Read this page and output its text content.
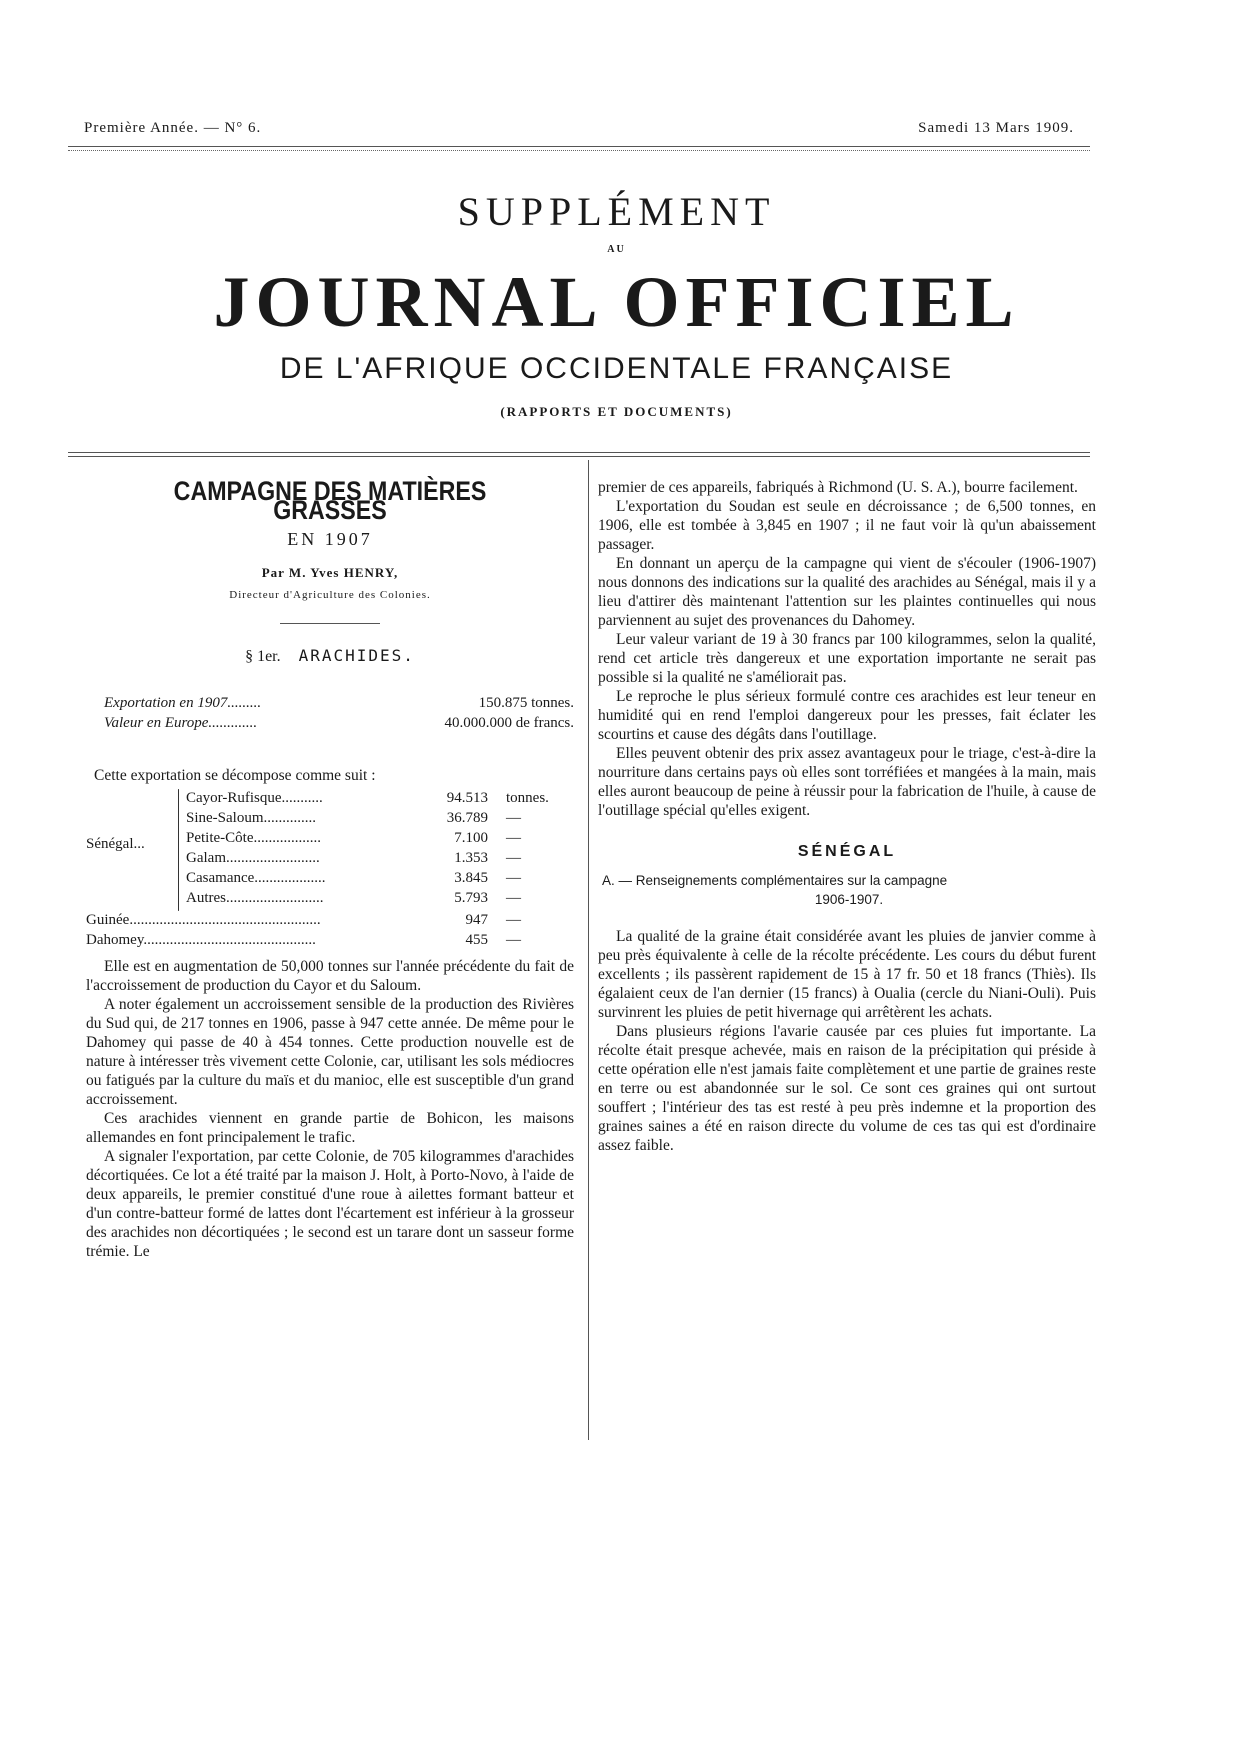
Première Année. — N° 6.	Samedi 13 Mars 1909.
SUPPLÉMENT
AU
JOURNAL OFFICIEL
DE L'AFRIQUE OCCIDENTALE FRANÇAISE
(RAPPORTS ET DOCUMENTS)
CAMPAGNE DES MATIÈRES GRASSES
EN 1907
Par M. Yves HENRY,
Directeur d'Agriculture des Colonies.
§ 1er. ARACHIDES.
Exportation en 1907.........	150.875 tonnes.
Valeur en Europe.............	40.000.000 de francs.
Cette exportation se décompose comme suit :
Sénégal...
Cayor-Rufisque...........	94.513 tonnes.
Sine-Saloum..............	36.789 —
Petite-Côte..................	7.100 —
Galam.........................	1.353 —
Casamance...................	3.845 —
Autres..........................	5.793 —
Guinée...................................................	947 —
Dahomey..............................................	455 —

Elle est en augmentation de 50,000 tonnes sur l'année précédente du fait de l'accroissement de production du Cayor et du Saloum.

A noter également un accroissement sensible de la production des Rivières du Sud qui, de 217 tonnes en 1906, passe à 947 cette année. De même pour le Dahomey qui passe de 40 à 454 tonnes. Cette production nouvelle est de nature à intéresser très vivement cette Colonie, car, utilisant les sols médiocres ou fatigués par la culture du maïs et du manioc, elle est susceptible d'un grand accroissement.

Ces arachides viennent en grande partie de Bohicon, les maisons allemandes en font principalement le trafic.

A signaler l'exportation, par cette Colonie, de 705 kilogrammes d'arachides décortiquées. Ce lot a été traité par la maison J. Holt, à Porto-Novo, à l'aide de deux appareils, le premier constitué d'une roue à ailettes formant batteur et d'un contre-batteur formé de lattes dont l'écartement est inférieur à la grosseur des arachides non décortiquées ; le second est un tarare dont un sasseur forme trémie. Le

premier de ces appareils, fabriqués à Richmond (U. S. A.), bourre facilement.

L'exportation du Soudan est seule en décroissance ; de 6,500 tonnes, en 1906, elle est tombée à 3,845 en 1907 ; il ne faut voir là qu'un abaissement passager.

En donnant un aperçu de la campagne qui vient de s'écouler (1906-1907) nous donnons des indications sur la qualité des arachides au Sénégal, mais il y a lieu d'attirer dès maintenant l'attention sur les plaintes continuelles qui nous parviennent au sujet des provenances du Dahomey.

Leur valeur variant de 19 à 30 francs par 100 kilogrammes, selon la qualité, rend cet article très dangereux et une exportation importante ne serait pas possible si la qualité ne s'améliorait pas.

Le reproche le plus sérieux formulé contre ces arachides est leur teneur en humidité qui en rend l'emploi dangereux pour les presses, fait éclater les scourtins et cause des dégâts dans l'outillage.

Elles peuvent obtenir des prix assez avantageux pour le triage, c'est-à-dire la nourriture dans certains pays où elles sont torréfiées et mangées à la main, mais elles auront beaucoup de peine à réussir pour la fabrication de l'huile, à cause de l'outillage spécial qu'elles exigent.

SÉNÉGAL
A. — Renseignements complémentaires sur la campagne
1906-1907.

La qualité de la graine était considérée avant les pluies de janvier comme à peu près équivalente à celle de la récolte précédente. Les cours du début furent excellents ; ils passèrent rapidement de 15 à 17 fr. 50 et 18 francs (Thiès). Ils égalaient ceux de l'an dernier (15 francs) à Oualia (cercle du Niani-Ouli). Puis survinrent les pluies de petit hivernage qui arrêtèrent les achats.

Dans plusieurs régions l'avarie causée par ces pluies fut importante. La récolte était presque achevée, mais en raison de la précipitation qui préside à cette opération elle n'est jamais faite complètement et une partie de graines reste en terre ou est abandonnée sur le sol. Ce sont ces graines qui ont surtout souffert ; l'intérieur des tas est resté à peu près indemne et la proportion des graines saines a été en raison directe du volume de ces tas qui est d'ordinaire assez faible.
